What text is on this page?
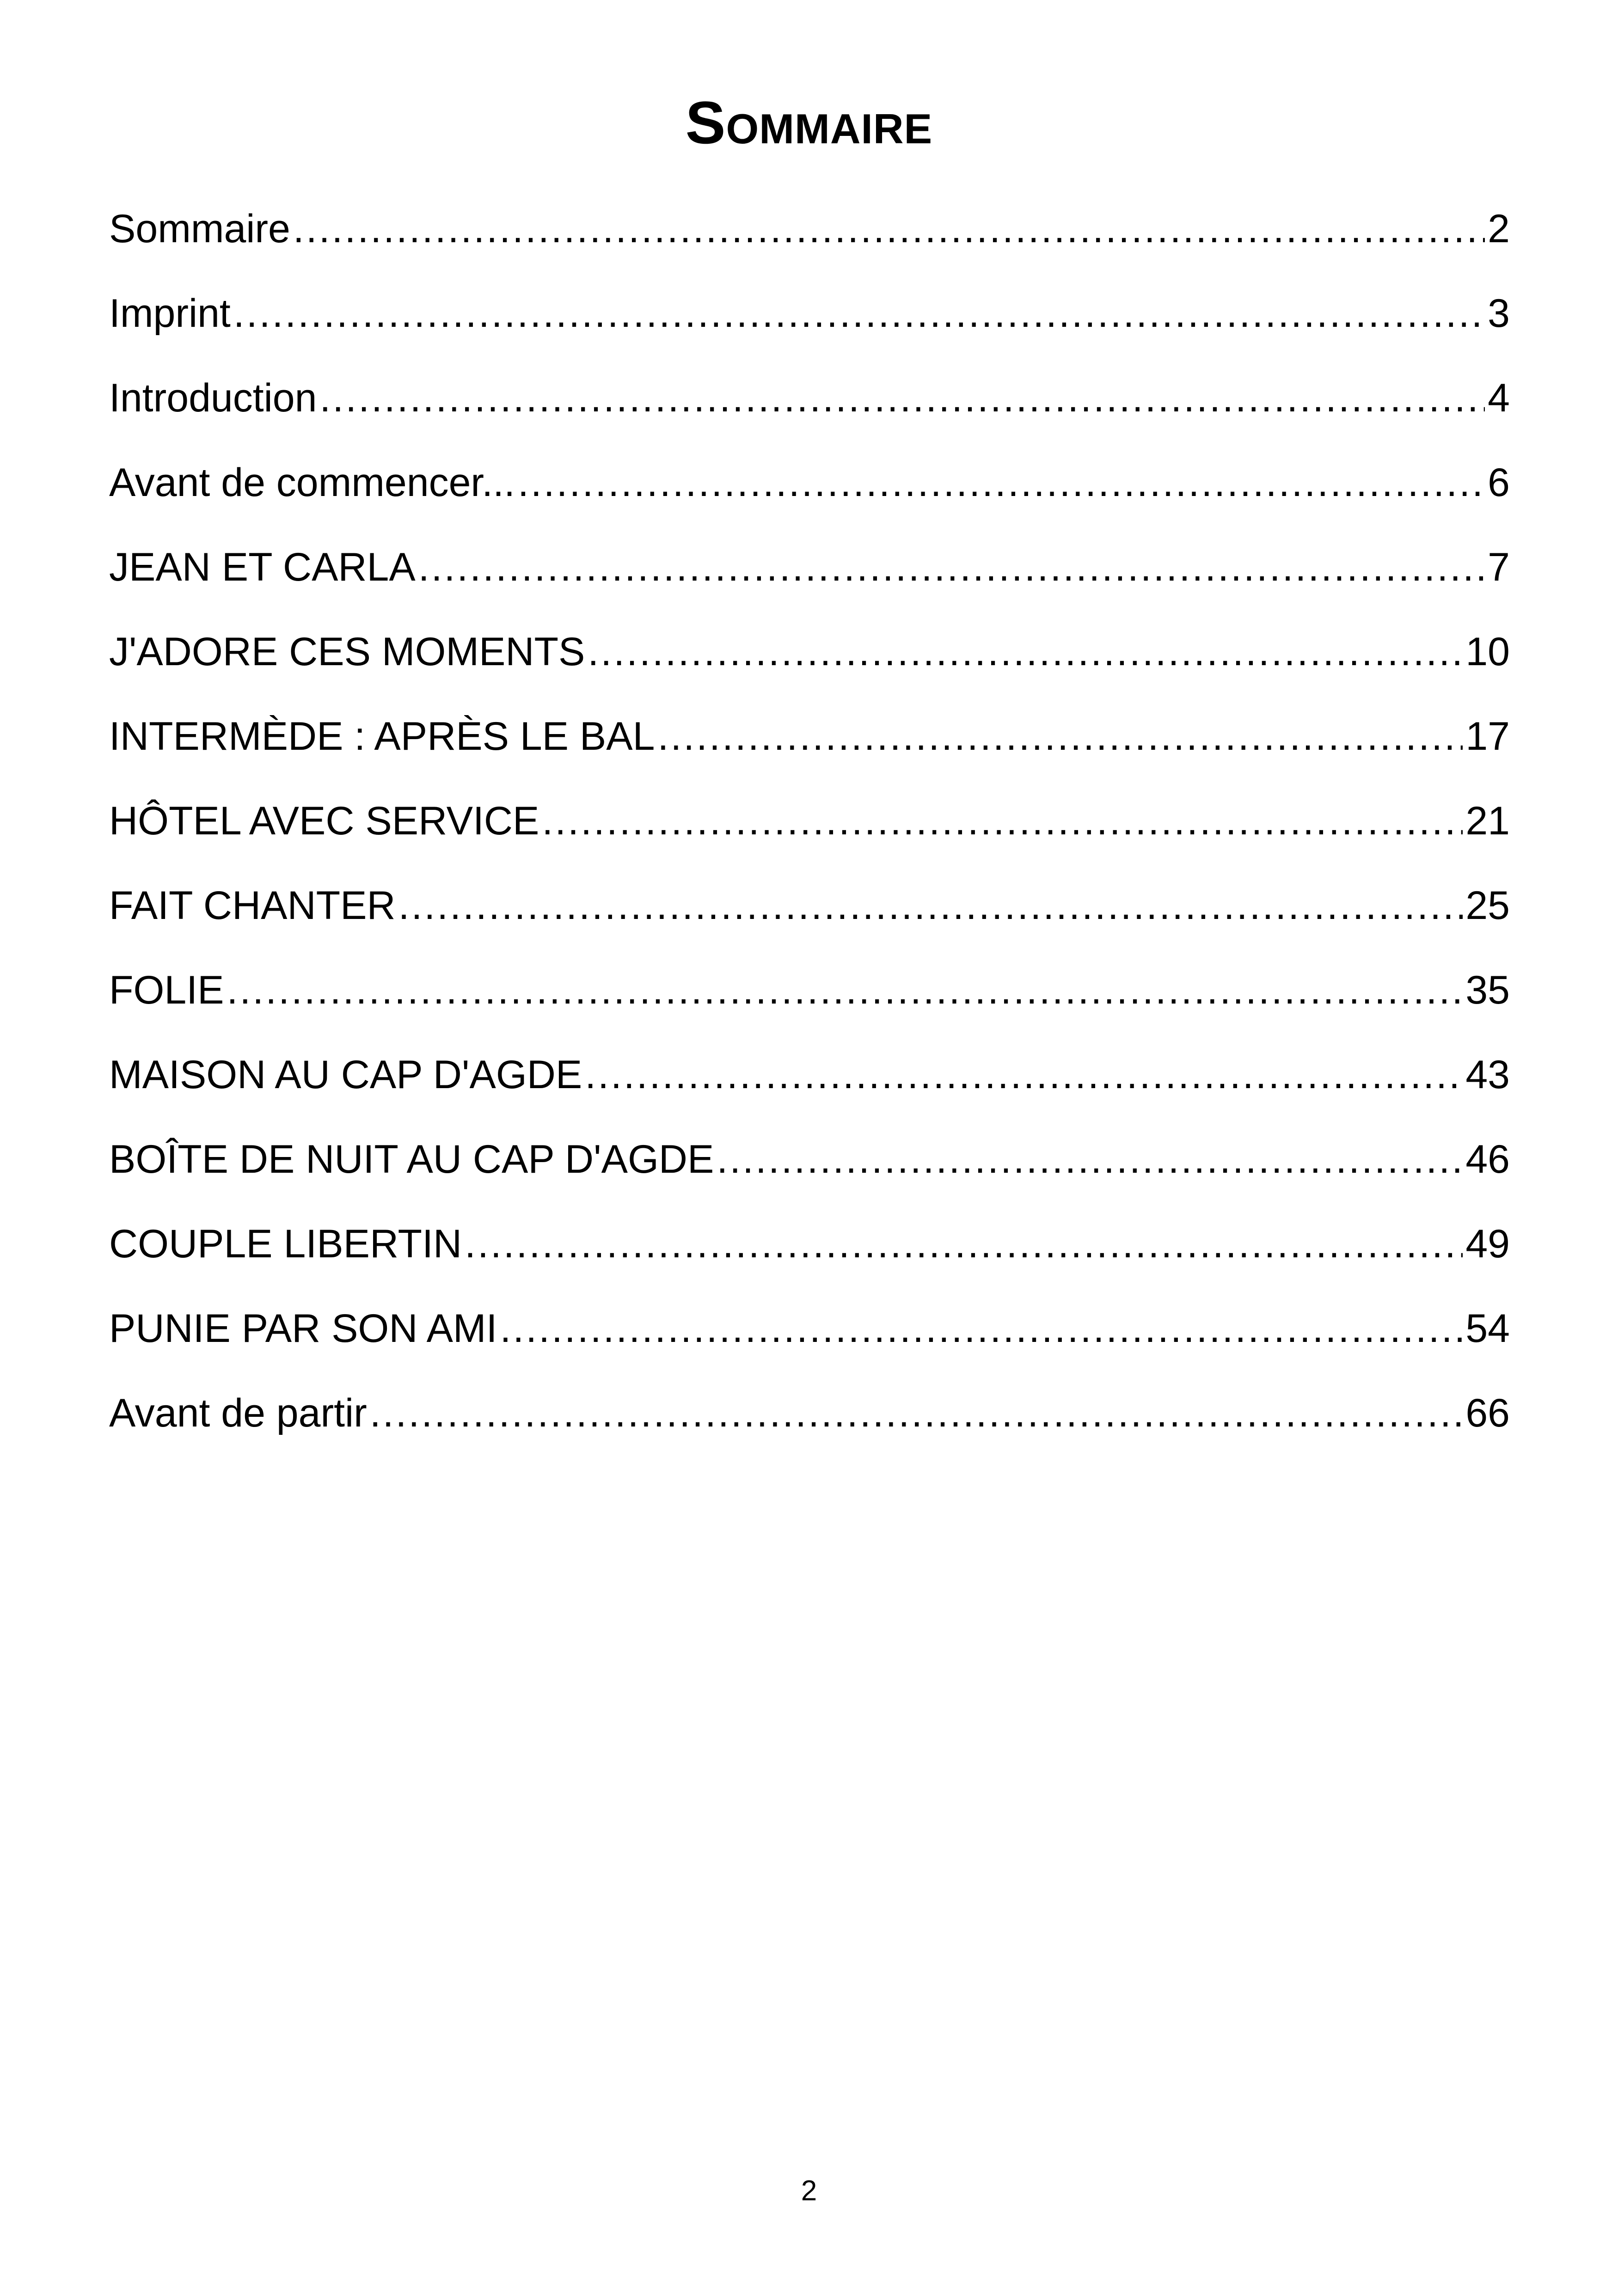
Sommaire
Sommaire .....	2
Imprint .....	3
Introduction .....	4
Avant de commencer... .....	6
JEAN ET CARLA .....	7
J'ADORE CES MOMENTS .....	10
INTERMÈDE : APRÈS LE BAL .....	17
HÔTEL AVEC SERVICE .....	21
FAIT CHANTER .....	25
FOLIE .....	35
MAISON AU CAP D'AGDE .....	43
BOÎTE DE NUIT AU CAP D'AGDE .....	46
COUPLE LIBERTIN .....	49
PUNIE PAR SON AMI .....	54
Avant de partir .....	66
2
